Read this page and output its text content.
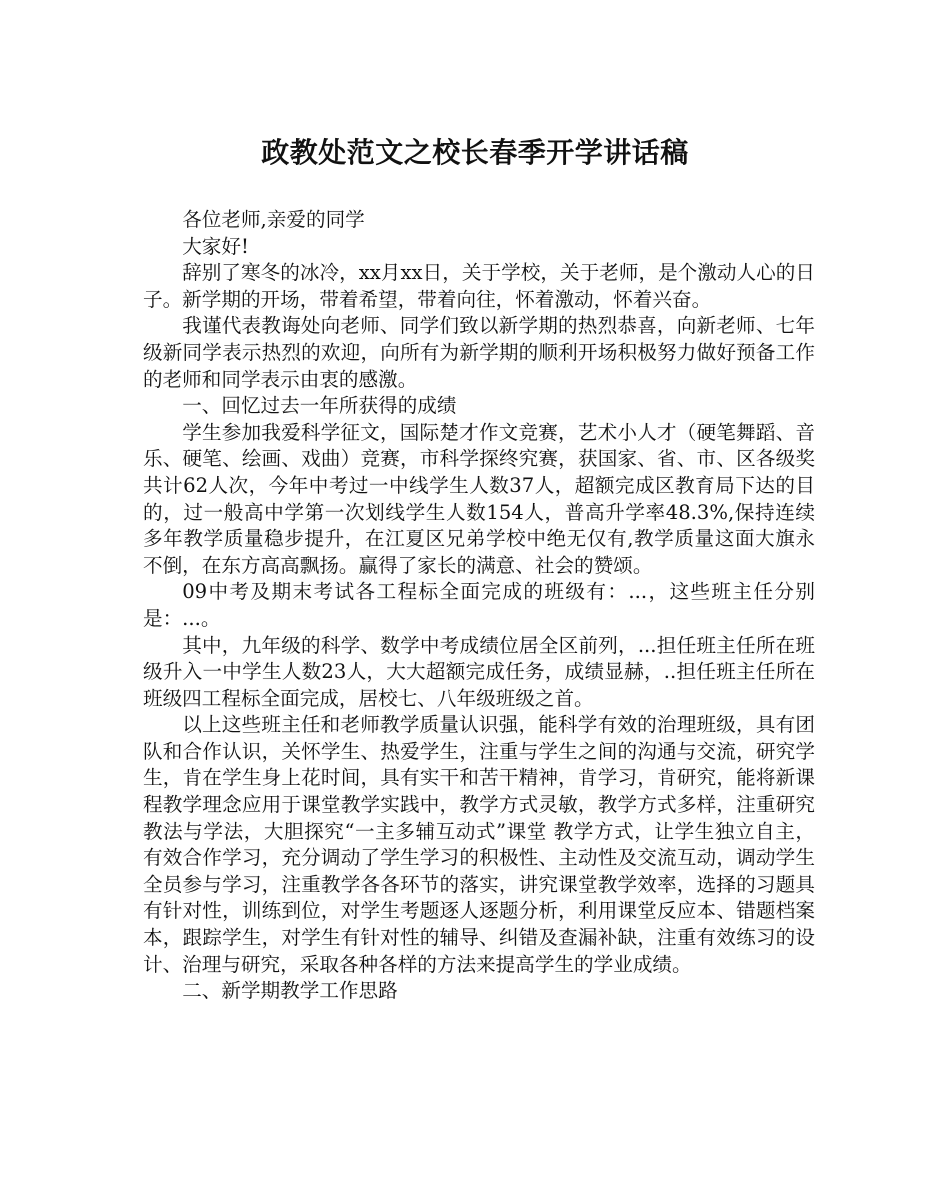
政教处范文之校长春季开学讲话稿

各位老师,亲爱的同学

大家好!

辞别了寒冬的冰冷，xx月xx日，关于学校，关于老师，是个激动人心的日子。新学期的开场，带着希望，带着向往，怀着激动，怀着兴奋。

我谨代表教诲处向老师、同学们致以新学期的热烈恭喜，向新老师、七年级新同学表示热烈的欢迎，向所有为新学期的顺利开场积极努力做好预备工作的老师和同学表示由衷的感激。

一、回忆过去一年所获得的成绩

学生参加我爱科学征文，国际楚才作文竞赛，艺术小人才（硬笔舞蹈、音乐、硬笔、绘画、戏曲）竞赛，市科学探终究赛，获国家、省、市、区各级奖共计62人次，今年中考过一中线学生人数37人，超额完成区教育局下达的目的，过一般高中学第一次划线学生人数154人，普高升学率48.3%,保持连续多年教学质量稳步提升，在江夏区兄弟学校中绝无仅有,教学质量这面大旗永不倒，在东方高高飘扬。赢得了家长的满意、社会的赞颂。

09中考及期末考试各工程标全面完成的班级有：...，这些班主任分别是：...。

其中，九年级的科学、数学中考成绩位居全区前列，...担任班主任所在班级升入一中学生人数23人，大大超额完成任务，成绩显赫，..担任班主任所在班级四工程标全面完成，居校七、八年级班级之首。

以上这些班主任和老师教学质量认识强，能科学有效的治理班级，具有团队和合作认识，关怀学生、热爱学生，注重与学生之间的沟通与交流，研究学生，肯在学生身上花时间，具有实干和苦干精神，肯学习，肯研究，能将新课程教学理念应用于课堂教学实践中，教学方式灵敏，教学方式多样，注重研究教法与学法，大胆探究“一主多辅互动式”课堂 教学方式，让学生独立自主，有效合作学习，充分调动了学生学习的积极性、主动性及交流互动，调动学生全员参与学习，注重教学各各环节的落实，讲究课堂教学效率，选择的习题具有针对性，训练到位，对学生考题逐人逐题分析，利用课堂反应本、错题档案本，跟踪学生，对学生有针对性的辅导、纠错及查漏补缺，注重有效练习的设计、治理与研究，采取各种各样的方法来提高学生的学业成绩。

二、新学期教学工作思路
